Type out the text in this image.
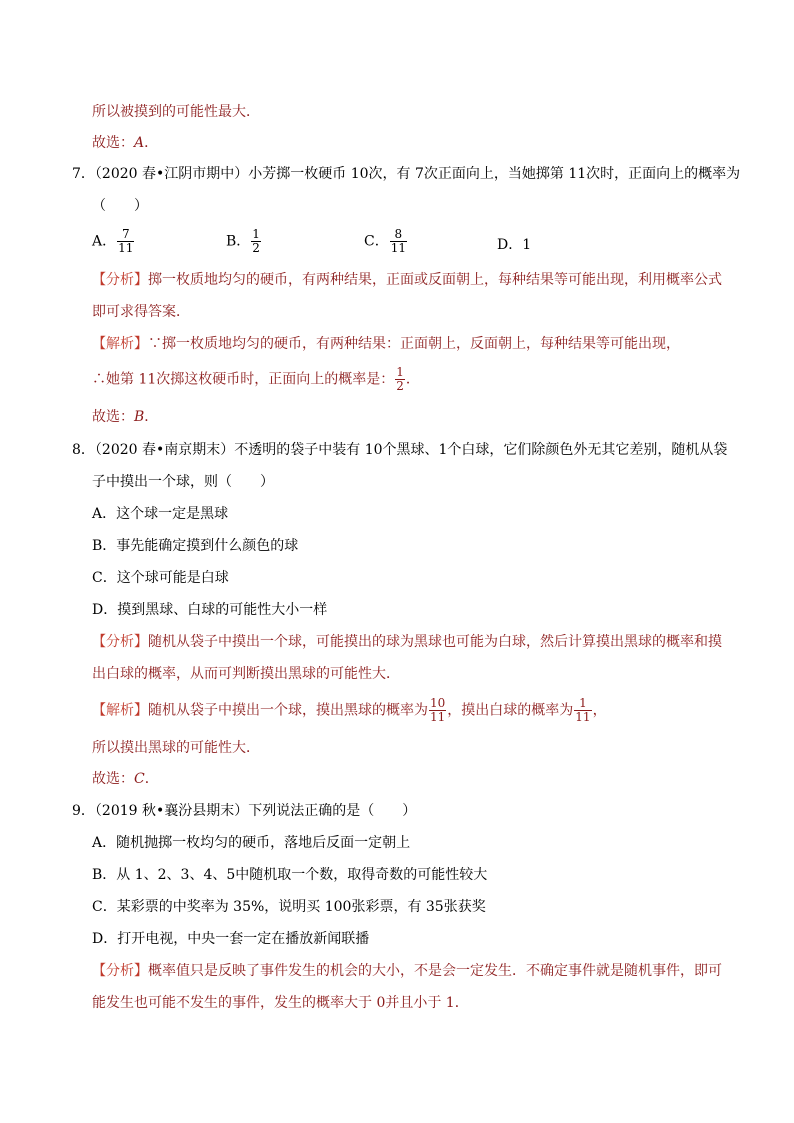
所以被摸到的可能性最大．
故选：A．
7．（2020 春•江阴市期中）小芳掷一枚硬币 10次，有 7次正面向上，当她掷第 11次时，正面向上的概率为
（　　）
A． $\frac{7}{11}$	B． $\frac{1}{2}$	C． $\frac{8}{11}$	D．1
【分析】掷一枚质地均匀的硬币，有两种结果，正面或反面朝上，每种结果等可能出现，利用概率公式
即可求得答案．
【解析】∵掷一枚质地均匀的硬币，有两种结果：正面朝上，反面朝上，每种结果等可能出现，
∴她第 11次掷这枚硬币时，正面向上的概率是： $\frac{1}{2}$ ．
故选：B．
8．（2020 春•南京期末）不透明的袋子中装有 10个黑球、1个白球，它们除颜色外无其它差别，随机从袋
子中摸出一个球，则（　　）
A．这个球一定是黑球
B．事先能确定摸到什么颜色的球
C．这个球可能是白球
D．摸到黑球、白球的可能性大小一样
【分析】随机从袋子中摸出一个球，可能摸出的球为黑球也可能为白球，然后计算摸出黑球的概率和摸
出白球的概率，从而可判断摸出黑球的可能性大．
【解析】随机从袋子中摸出一个球，摸出黑球的概率为 $\frac{10}{11}$ ，摸出白球的概率为 $\frac{1}{11}$ ，
所以摸出黑球的可能性大．
故选：C．
9．（2019 秋•襄汾县期末）下列说法正确的是（　　）
A．随机抛掷一枚均匀的硬币，落地后反面一定朝上
B．从 1、2、3、4、5中随机取一个数，取得奇数的可能性较大
C．某彩票的中奖率为 35%，说明买 100张彩票，有 35张获奖
D．打开电视，中央一套一定在播放新闻联播
【分析】概率值只是反映了事件发生的机会的大小，不是会一定发生．不确定事件就是随机事件，即可
能发生也可能不发生的事件，发生的概率大于 0并且小于 1．
